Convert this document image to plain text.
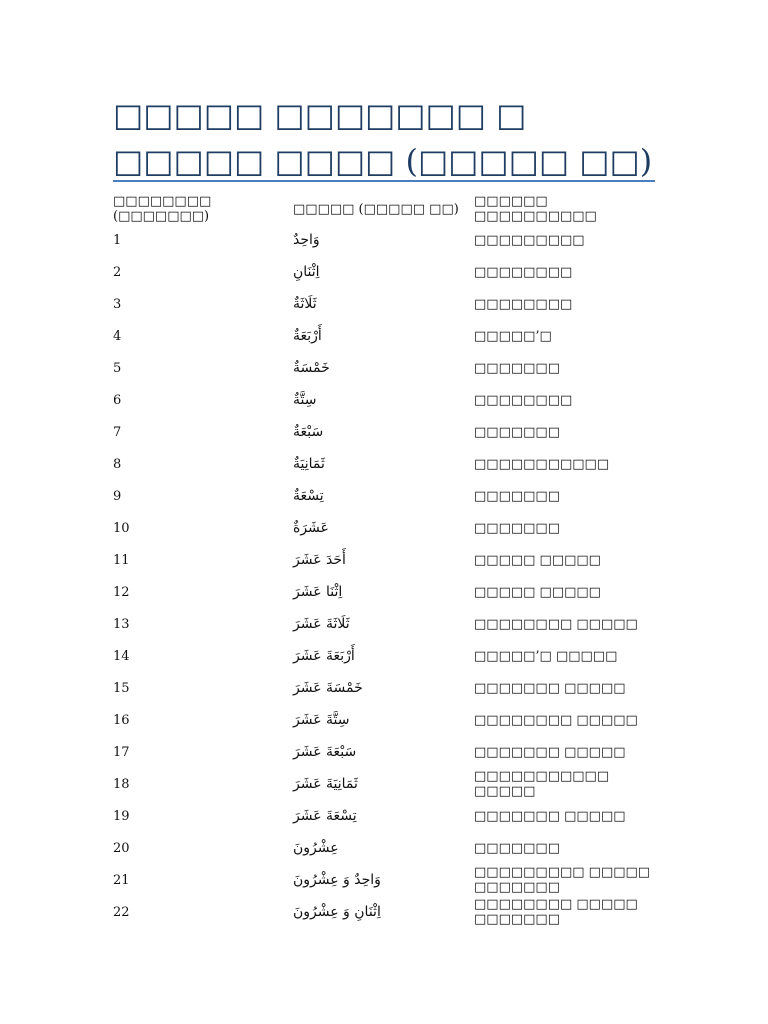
□□□□□ □□□□□□□ □ □□□□□ □□□□ (□□□□□ □□)
□□□□□□□□ (□□□□□□□)	□□□□□ (□□□□□ □□)	□□□□□□ □□□□□□□□□□
1	وَاحِدٌ	□□□□□□□□□
2	اِثْنَانِ	□□□□□□□□
3	ثَلَاثَةٌ	□□□□□□□□
4	أَرْبَعَةٌ	□□□□□’□
5	خَمْسَةٌ	□□□□□□□
6	سِتَّةٌ	□□□□□□□□
7	سَبْعَةٌ	□□□□□□□
8	ثَمَانِيَةٌ	□□□□□□□□□□□
9	تِسْعَةٌ	□□□□□□□
10	عَشَرَةٌ	□□□□□□□
11	أَحَدَ عَشَرَ	□□□□□ □□□□□
12	اِثْنَا عَشَرَ	□□□□□ □□□□□
13	ثَلَاثَةَ عَشَرَ	□□□□□□□□ □□□□□
14	أَرْبَعَةَ عَشَرَ	□□□□□’□ □□□□□
15	خَمْسَةَ عَشَرَ	□□□□□□□ □□□□□
16	سِتَّةَ عَشَرَ	□□□□□□□□ □□□□□
17	سَبْعَةَ عَشَرَ	□□□□□□□ □□□□□
18	ثَمَانِيَةَ عَشَرَ	□□□□□□□□□□□ □□□□□
19	تِسْعَةَ عَشَرَ	□□□□□□□ □□□□□
20	عِشْرُونَ	□□□□□□□
21	وَاحِدٌ وَ عِشْرُونَ	□□□□□□□□□ □□□□□ □□□□□□□
22	اِثْنَانِ وَ عِشْرُونَ	□□□□□□□□ □□□□□ □□□□□□□
